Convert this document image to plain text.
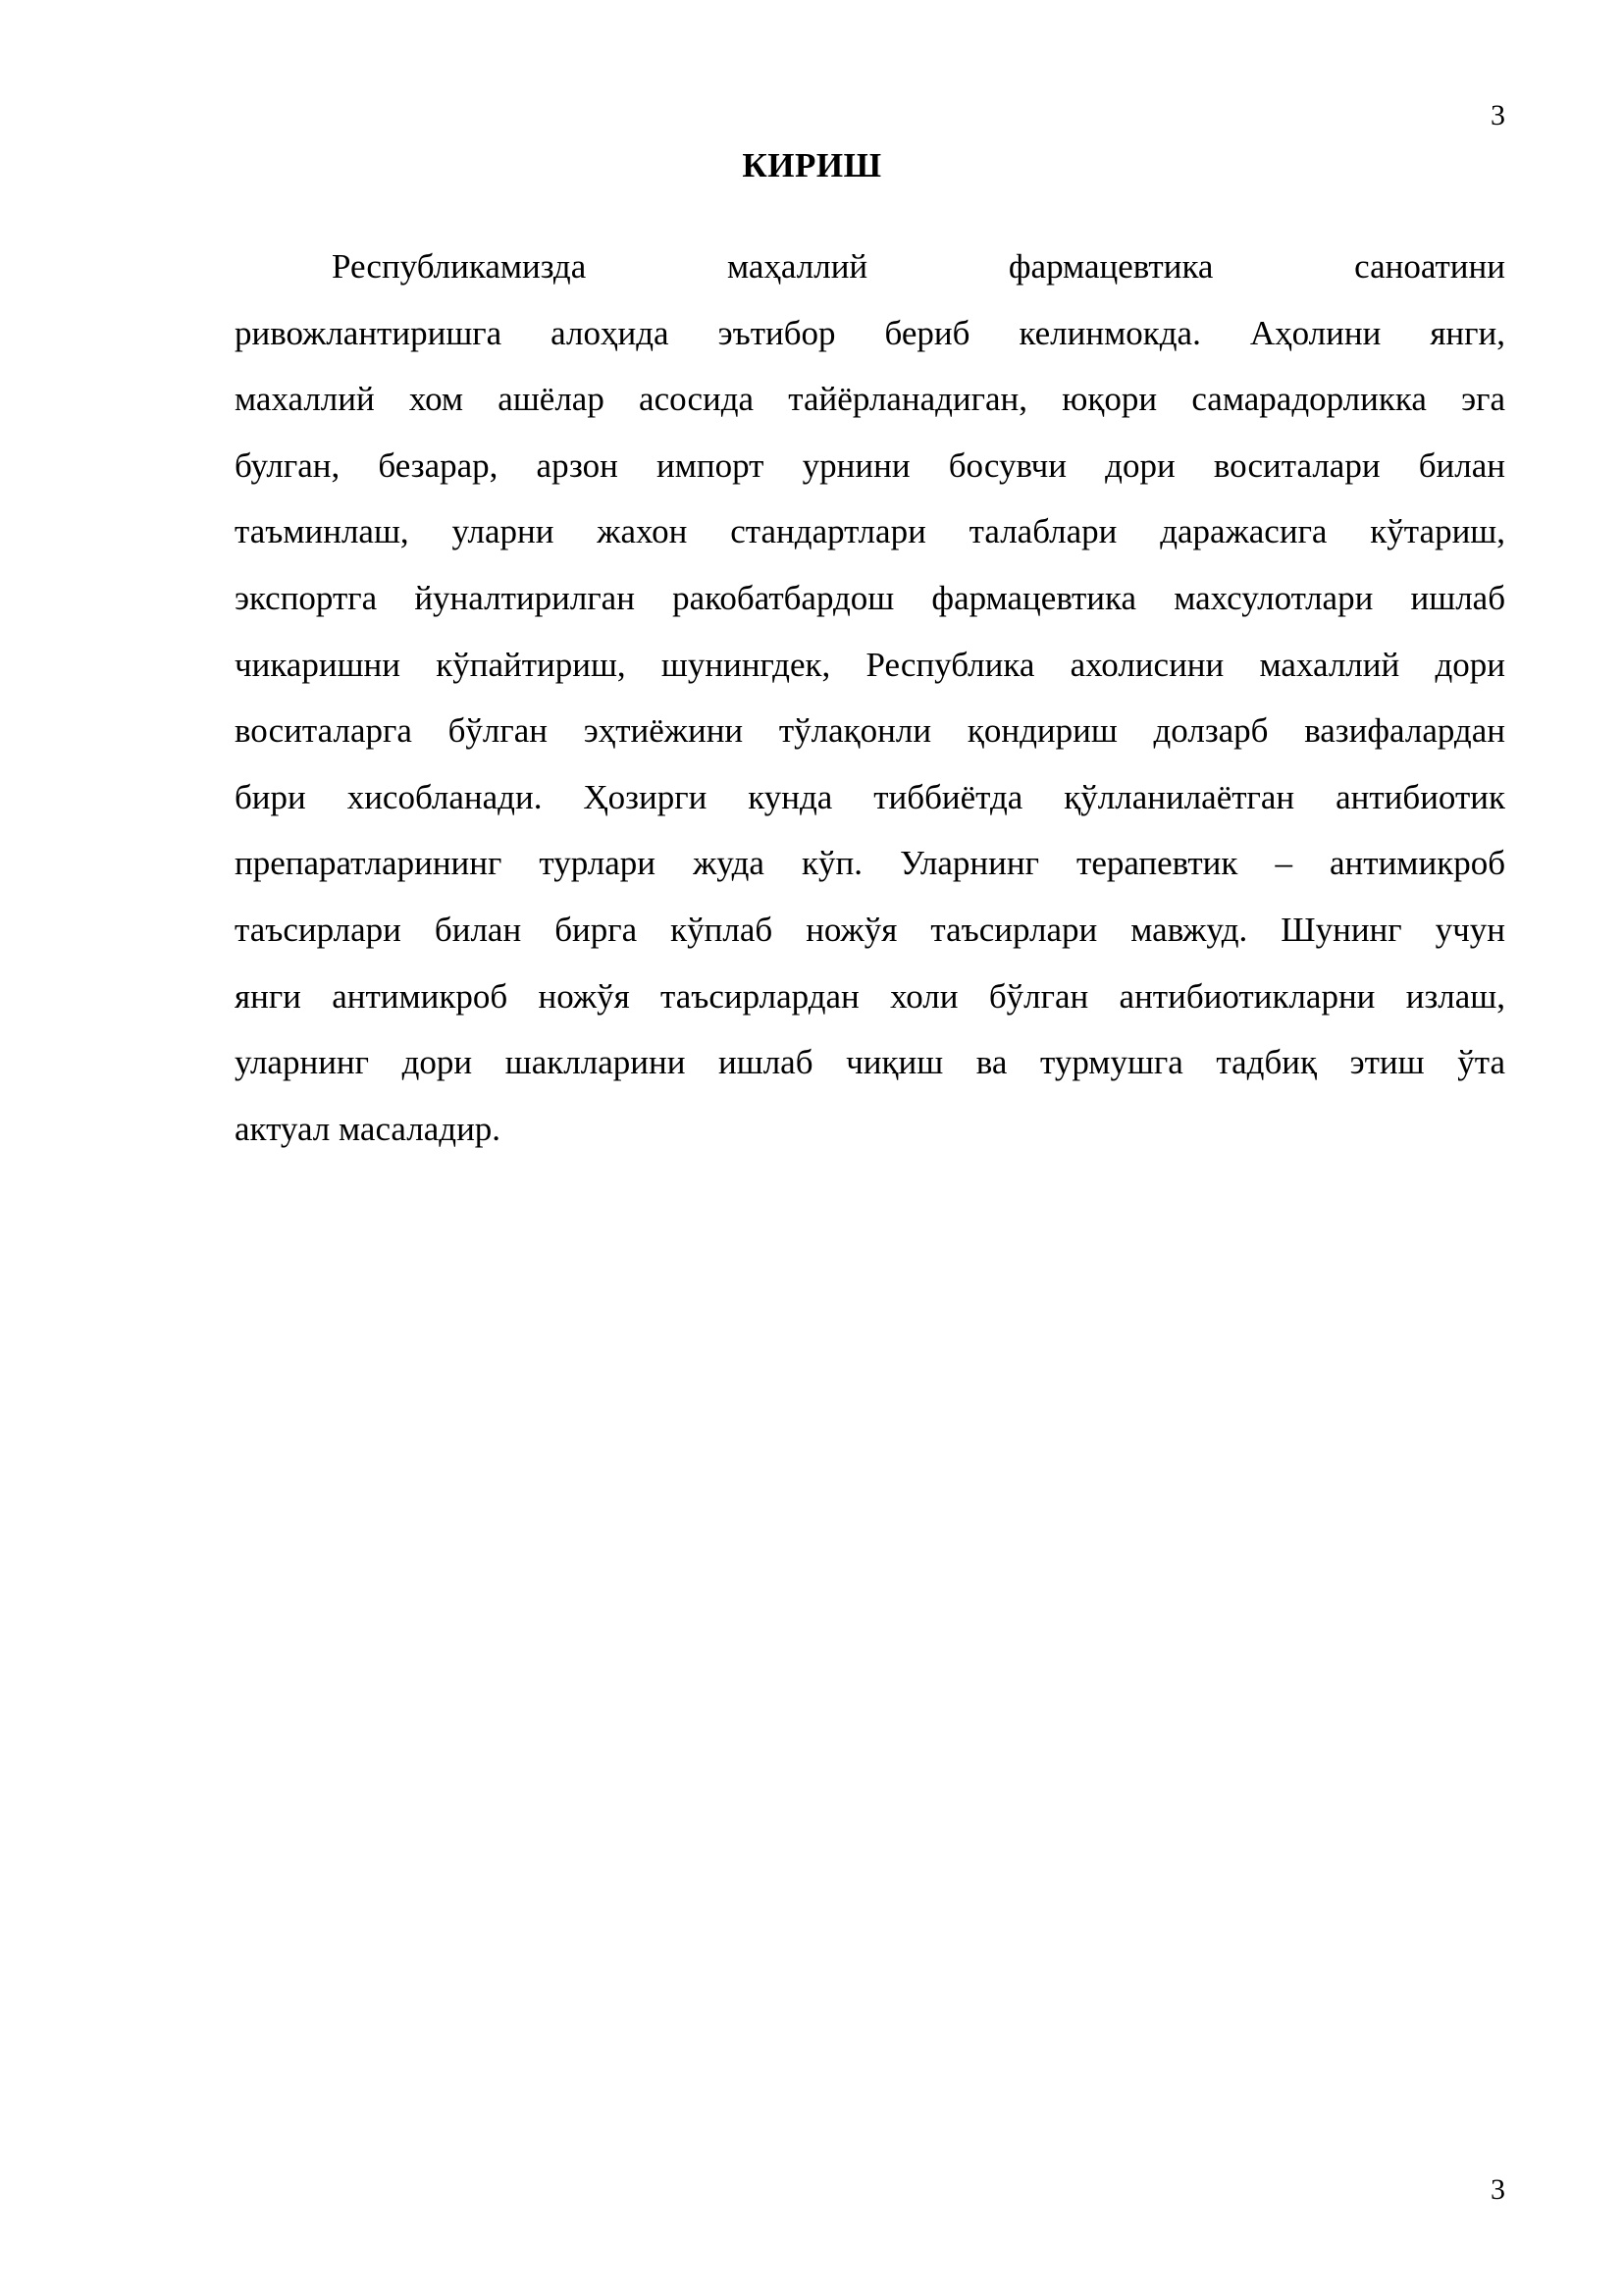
3
КИРИШ
Республикамизда маҳаллий фармацевтика саноатини
ривожлантиришга алоҳида эътибор бериб келинмокда. Аҳолини янги,
махаллий хом ашёлар асосида тайёрланадиган, юқори самарадорликка эга
булган, безарар, арзон импорт урнини босувчи дори воситалари билан
таъминлаш, уларни жахон стандартлари талаблари даражасига кўтариш,
экспортга йуналтирилган ракобатбардош фармацевтика махсулотлари ишлаб
чикаришни кўпайтириш, шунингдек, Республика ахолисини махаллий дори
воситаларга бўлган эҳтиёжини тўлақонли қондириш долзарб вазифалардан
бири хисобланади. Ҳозирги кунда тиббиётда қўлланилаётган антибиотик
препаратларининг турлари жуда кўп. Уларнинг терапевтик – антимикроб
таъсирлари билан бирга кўплаб ножўя таъсирлари мавжуд. Шунинг учун
янги антимикроб ножўя таъсирлардан холи бўлган антибиотикларни излаш,
уларнинг дори шаклларини ишлаб чиқиш ва турмушга тадбиқ этиш ўта
актуал масаладир.
3
